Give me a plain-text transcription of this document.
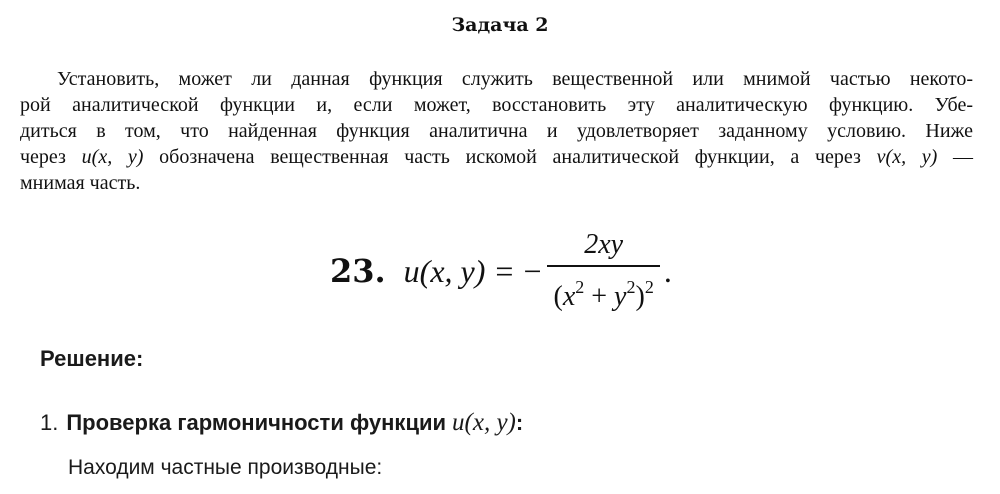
Задача 2
Установить, может ли данная функция служить вещественной или мнимой частью некото-
рой аналитической функции и, если может, восстановить эту аналитическую функцию. Убе-
диться в том, что найденная функция аналитична и удовлетворяет заданному условию. Ниже
через u(x, y) обозначена вещественная часть искомой аналитической функции, а через v(x, y) —
мнимая часть.
23. u(x, y) = − $\frac{2xy}{(x^2 + y^2)^2}$ .
Решение:
1. Проверка гармоничности функции u(x, y) :
Находим частные производные:
